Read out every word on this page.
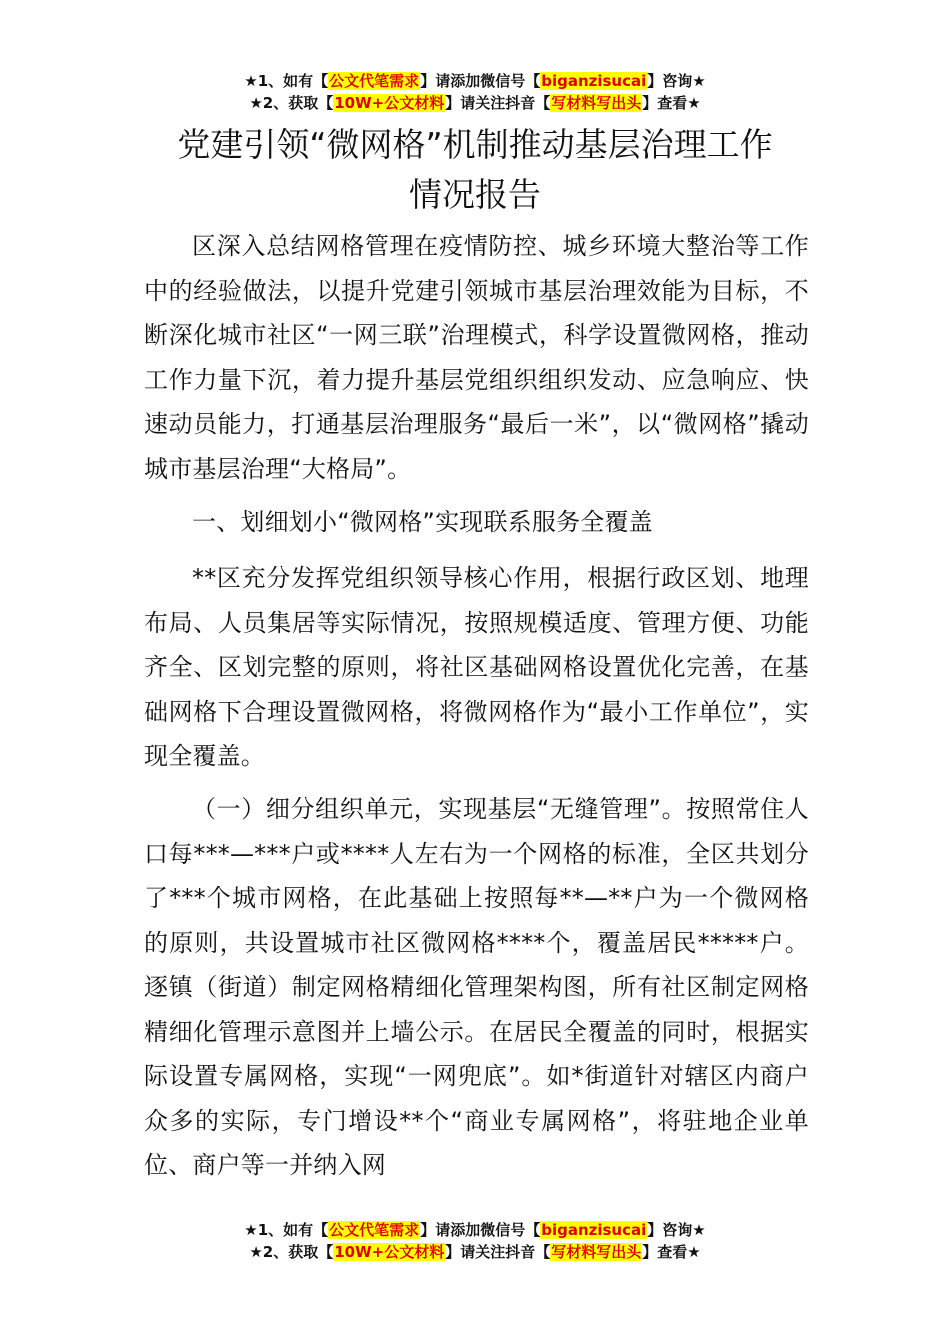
★1、如有【公文代笔需求】请添加微信号【biganzisucai】咨询★
★2、获取【10W+公文材料】请关注抖音【写材料写出头】查看★
党建引领“微网格”机制推动基层治理工作
情况报告

区深入总结网格管理在疫情防控、城乡环境大整治等工作中的经验做法，以提升党建引领城市基层治理效能为目标，不断深化城市社区“一网三联”治理模式，科学设置微网格，推动工作力量下沉，着力提升基层党组织组织发动、应急响应、快速动员能力，打通基层治理服务“最后一米”，以“微网格”撬动城市基层治理“大格局”。

一、划细划小“微网格”实现联系服务全覆盖

**区充分发挥党组织领导核心作用，根据行政区划、地理布局、人员集居等实际情况，按照规模适度、管理方便、功能齐全、区划完整的原则，将社区基础网格设置优化完善，在基础网格下合理设置微网格，将微网格作为“最小工作单位”，实现全覆盖。

（一）细分组织单元，实现基层“无缝管理”。按照常住人口每***—***户或****人左右为一个网格的标准，全区共划分了***个城市网格，在此基础上按照每**—**户为一个微网格的原则，共设置城市社区微网格****个，覆盖居民*****户。逐镇（街道）制定网格精细化管理架构图，所有社区制定网格精细化管理示意图并上墙公示。在居民全覆盖的同时，根据实际设置专属网格，实现“一网兜底”。如*街道针对辖区内商户众多的实际，专门增设**个“商业专属网格”，将驻地企业单位、商户等一并纳入网

★1、如有【公文代笔需求】请添加微信号【biganzisucai】咨询★
★2、获取【10W+公文材料】请关注抖音【写材料写出头】查看★
